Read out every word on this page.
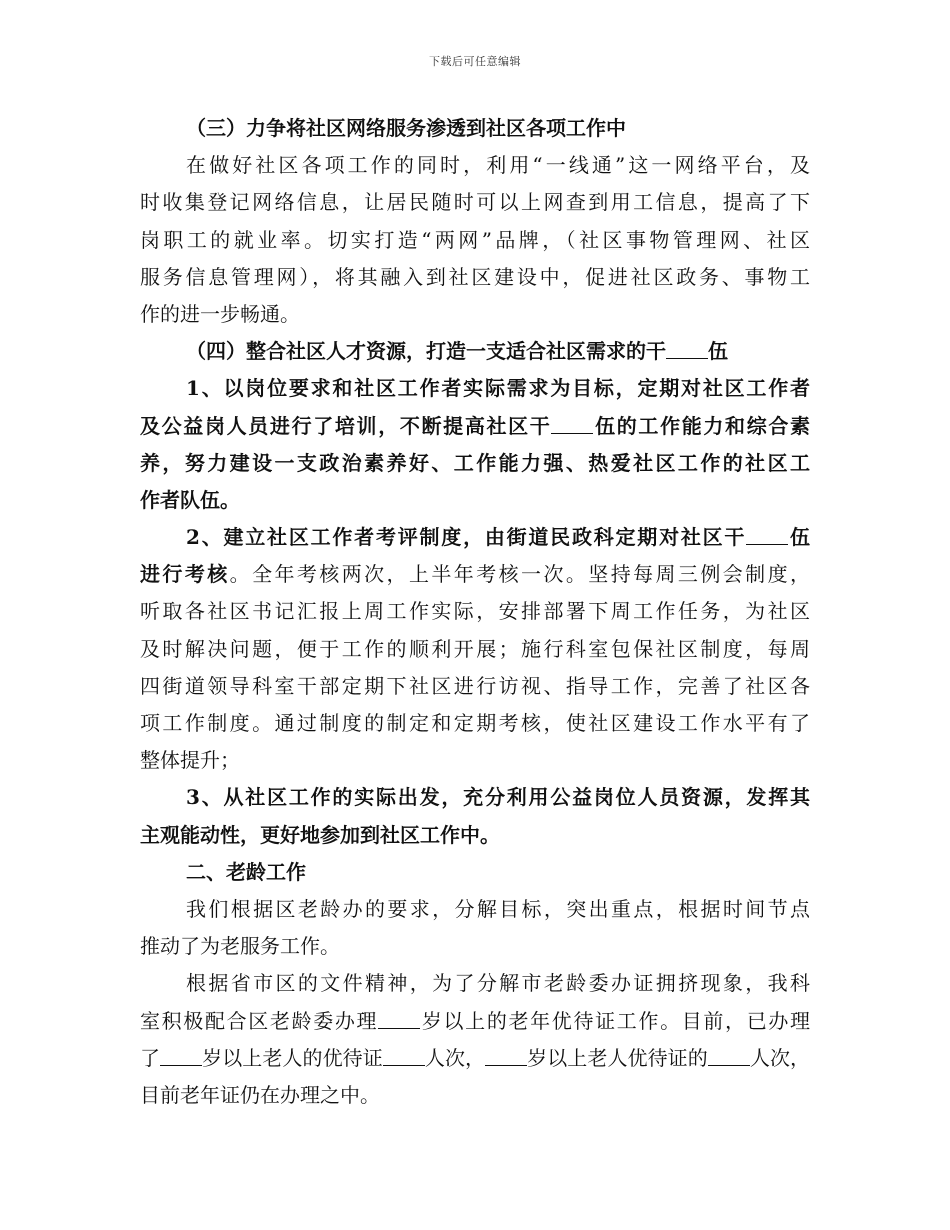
下载后可任意编辑
（三）力争将社区网络服务渗透到社区各项工作中
在做好社区各项工作的同时，利用“一线通”这一网络平台，及
时收集登记网络信息，让居民随时可以上网查到用工信息，提高了下
岗职工的就业率。切实打造“两网”品牌，（社区事物管理网、社区
服务信息管理网），将其融入到社区建设中，促进社区政务、事物工
作的进一步畅通。
（四）整合社区人才资源，打造一支适合社区需求的干 伍
1、以岗位要求和社区工作者实际需求为目标，定期对社区工作者
及公益岗人员进行了培训，不断提高社区干 伍的工作能力和综合素
养，努力建设一支政治素养好、工作能力强、热爱社区工作的社区工
作者队伍。
2、建立社区工作者考评制度，由街道民政科定期对社区干 伍
进行考核。全年考核两次，上半年考核一次。坚持每周三例会制度，
听取各社区书记汇报上周工作实际，安排部署下周工作任务，为社区
及时解决问题，便于工作的顺利开展；施行科室包保社区制度，每周
四街道领导科室干部定期下社区进行访视、指导工作，完善了社区各
项工作制度。通过制度的制定和定期考核，使社区建设工作水平有了
整体提升；
3、从社区工作的实际出发，充分利用公益岗位人员资源，发挥其
主观能动性，更好地参加到社区工作中。
二、老龄工作
我们根据区老龄办的要求，分解目标，突出重点，根据时间节点
推动了为老服务工作。
根据省市区的文件精神，为了分解市老龄委办证拥挤现象，我科
室积极配合区老龄委办理 岁以上的老年优待证工作。目前，已办理
了 岁以上老人的优待证 人次， 岁以上老人优待证的 人次，
目前老年证仍在办理之中。
